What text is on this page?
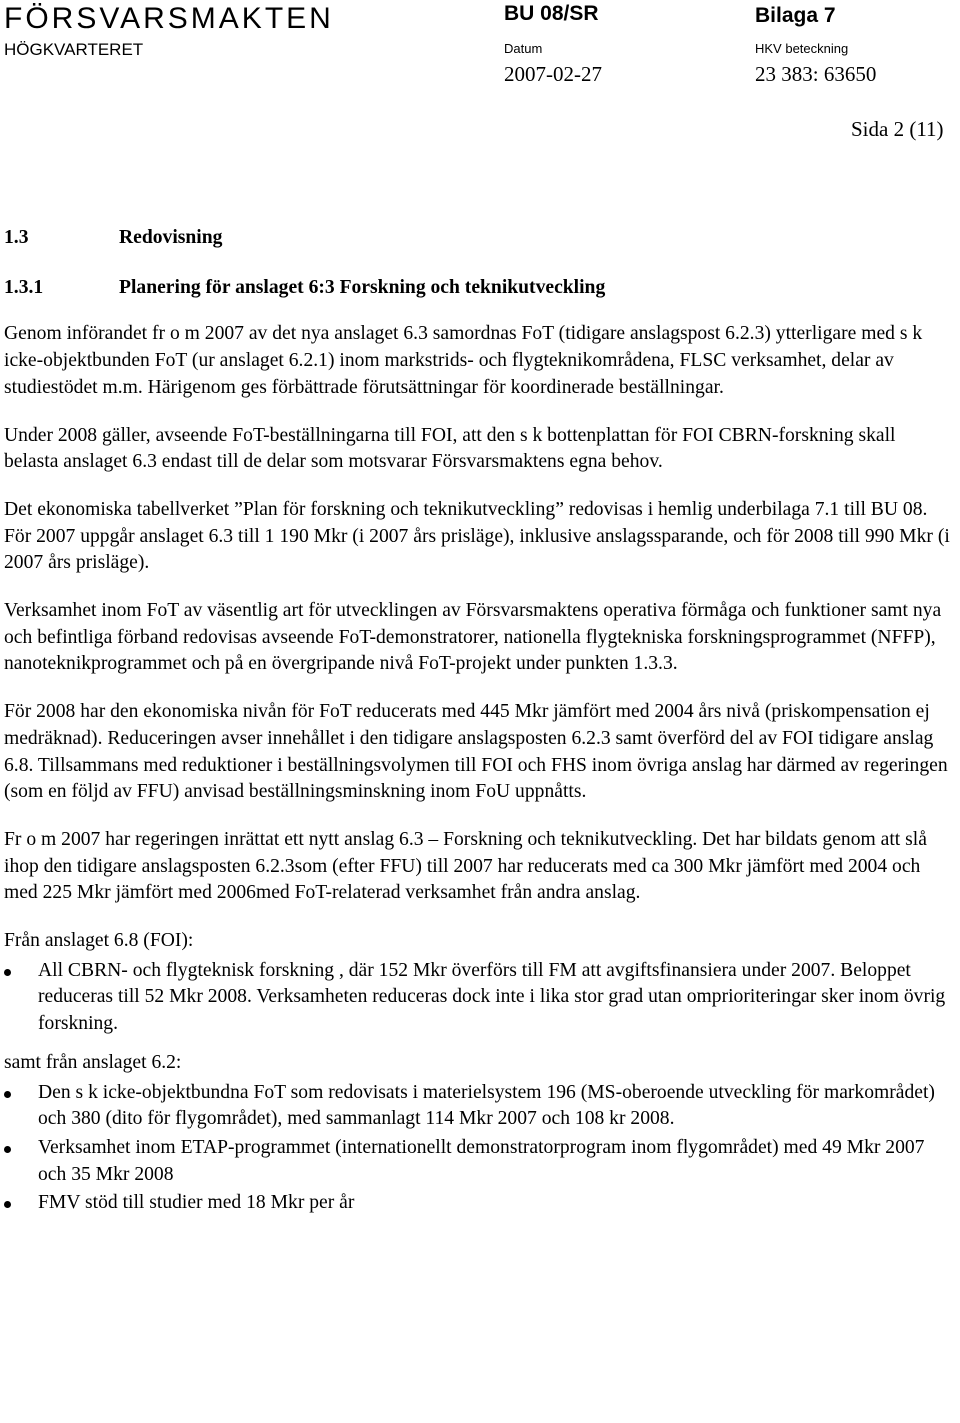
FÖRSVARSMAKTEN
HÖGKVARTERET
BU 08/SR	Bilaga 7
Datum	HKV beteckning
2007-02-27	23 383: 63650
Sida 2 (11)
1.3	Redovisning
1.3.1	Planering för anslaget 6:3 Forskning och teknikutveckling

Genom införandet fr o m 2007 av det nya anslaget 6.3 samordnas FoT (tidigare anslagspost 6.2.3) ytterligare med s k icke-objektbunden FoT (ur anslaget 6.2.1) inom markstrids- och flygteknikområdena, FLSC verksamhet, delar av studiestödet m.m. Härigenom ges förbättrade förutsättningar för koordinerade beställningar.

Under 2008 gäller, avseende FoT-beställningarna till FOI, att den s k bottenplattan för FOI CBRN-forskning skall belasta anslaget 6.3 endast till de delar som motsvarar Försvarsmaktens egna behov.

Det ekonomiska tabellverket ”Plan för forskning och teknikutveckling” redovisas i hemlig underbilaga 7.1 till BU 08. För 2007 uppgår anslaget 6.3 till 1 190 Mkr (i 2007 års prisläge), inklusive anslagssparande, och för 2008 till 990 Mkr (i 2007 års prisläge).

Verksamhet inom FoT av väsentlig art för utvecklingen av Försvarsmaktens operativa förmåga och funktioner samt nya och befintliga förband redovisas avseende FoT-demonstratorer, nationella flygtekniska forskningsprogrammet (NFFP), nanoteknikprogrammet och på en övergripande nivå FoT-projekt under punkten 1.3.3.

För 2008 har den ekonomiska nivån för FoT reducerats med 445 Mkr jämfört med 2004 års nivå (priskompensation ej medräknad). Reduceringen avser innehållet i den tidigare anslagsposten 6.2.3 samt överförd del av FOI tidigare anslag 6.8. Tillsammans med reduktioner i beställningsvolymen till FOI och FHS inom övriga anslag har därmed av regeringen (som en följd av FFU) anvisad beställningsminskning inom FoU uppnåtts.

Fr o m 2007 har regeringen inrättat ett nytt anslag 6.3 – Forskning och teknikutveckling. Det har bildats genom att slå ihop den tidigare anslagsposten 6.2.3som (efter FFU) till 2007 har reducerats med ca 300 Mkr jämfört med 2004 och med 225 Mkr jämfört med 2006med FoT-relaterad verksamhet från andra anslag.

Från anslaget 6.8 (FOI):

All CBRN- och flygteknisk forskning , där 152 Mkr överförs till FM att avgiftsfinansiera under 2007. Beloppet reduceras till 52 Mkr 2008. Verksamheten reduceras dock inte i lika stor grad utan omprioriteringar sker inom övrig forskning.

samt från anslaget 6.2:

Den s k icke-objektbundna FoT som redovisats i materielsystem 196 (MS-oberoende utveckling för markområdet) och 380 (dito för flygområdet), med sammanlagt 114 Mkr 2007 och 108 kr 2008.
Verksamhet inom ETAP-programmet (internationellt demonstratorprogram inom flygområdet) med 49 Mkr 2007 och 35 Mkr 2008
FMV stöd till studier med 18 Mkr per år
